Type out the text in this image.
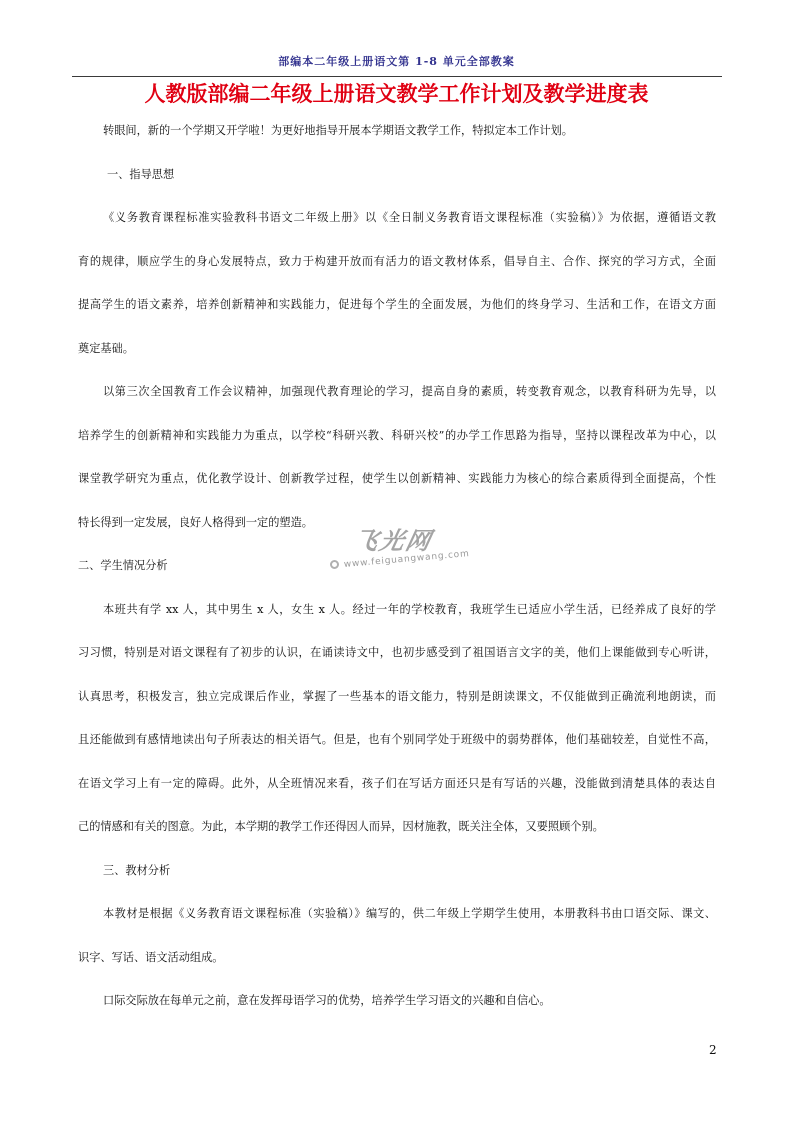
部编本二年级上册语文第 1-8 单元全部教案
人教版部编二年级上册语文教学工作计划及教学进度表
转眼间，新的一个学期又开学啦！为更好地指导开展本学期语文教学工作，特拟定本工作计划。
一、指导思想
《义务教育课程标准实验教科书语文二年级上册》以《全日制义务教育语文课程标准（实验稿）》为依据，遵循语文教
育的规律，顺应学生的身心发展特点，致力于构建开放而有活力的语文教材体系，倡导自主、合作、探究的学习方式，全面
提高学生的语文素养，培养创新精神和实践能力，促进每个学生的全面发展，为他们的终身学习、生活和工作，在语文方面
奠定基础。
以第三次全国教育工作会议精神，加强现代教育理论的学习，提高自身的素质，转变教育观念，以教育科研为先导，以
培养学生的创新精神和实践能力为重点，以学校“科研兴教、科研兴校”的办学工作思路为指导，坚持以课程改革为中心，以
课堂教学研究为重点，优化教学设计、创新教学过程，使学生以创新精神、实践能力为核心的综合素质得到全面提高，个性
特长得到一定发展，良好人格得到一定的塑造。
二、学生情况分析
本班共有学 xx 人，其中男生 x 人，女生 x 人。经过一年的学校教育，我班学生已适应小学生活，已经养成了良好的学
习习惯，特别是对语文课程有了初步的认识，在诵读诗文中，也初步感受到了祖国语言文字的美，他们上课能做到专心听讲，
认真思考，积极发言，独立完成课后作业，掌握了一些基本的语文能力，特别是朗读课文，不仅能做到正确流利地朗读，而
且还能做到有感情地读出句子所表达的相关语气。但是，也有个别同学处于班级中的弱势群体，他们基础较差，自觉性不高，
在语文学习上有一定的障碍。此外，从全班情况来看，孩子们在写话方面还只是有写话的兴趣，没能做到清楚具体的表达自
己的情感和有关的图意。为此，本学期的教学工作还得因人而异，因材施教，既关注全体，又要照顾个别。
三、教材分析
本教材是根据《义务教育语文课程标准（实验稿）》编写的，供二年级上学期学生使用，本册教科书由口语交际、课文、
识字、写话、语文活动组成。
口际交际放在每单元之前，意在发挥母语学习的优势，培养学生学习语文的兴趣和自信心。
飞光网
www.feiguangwang.com
2
